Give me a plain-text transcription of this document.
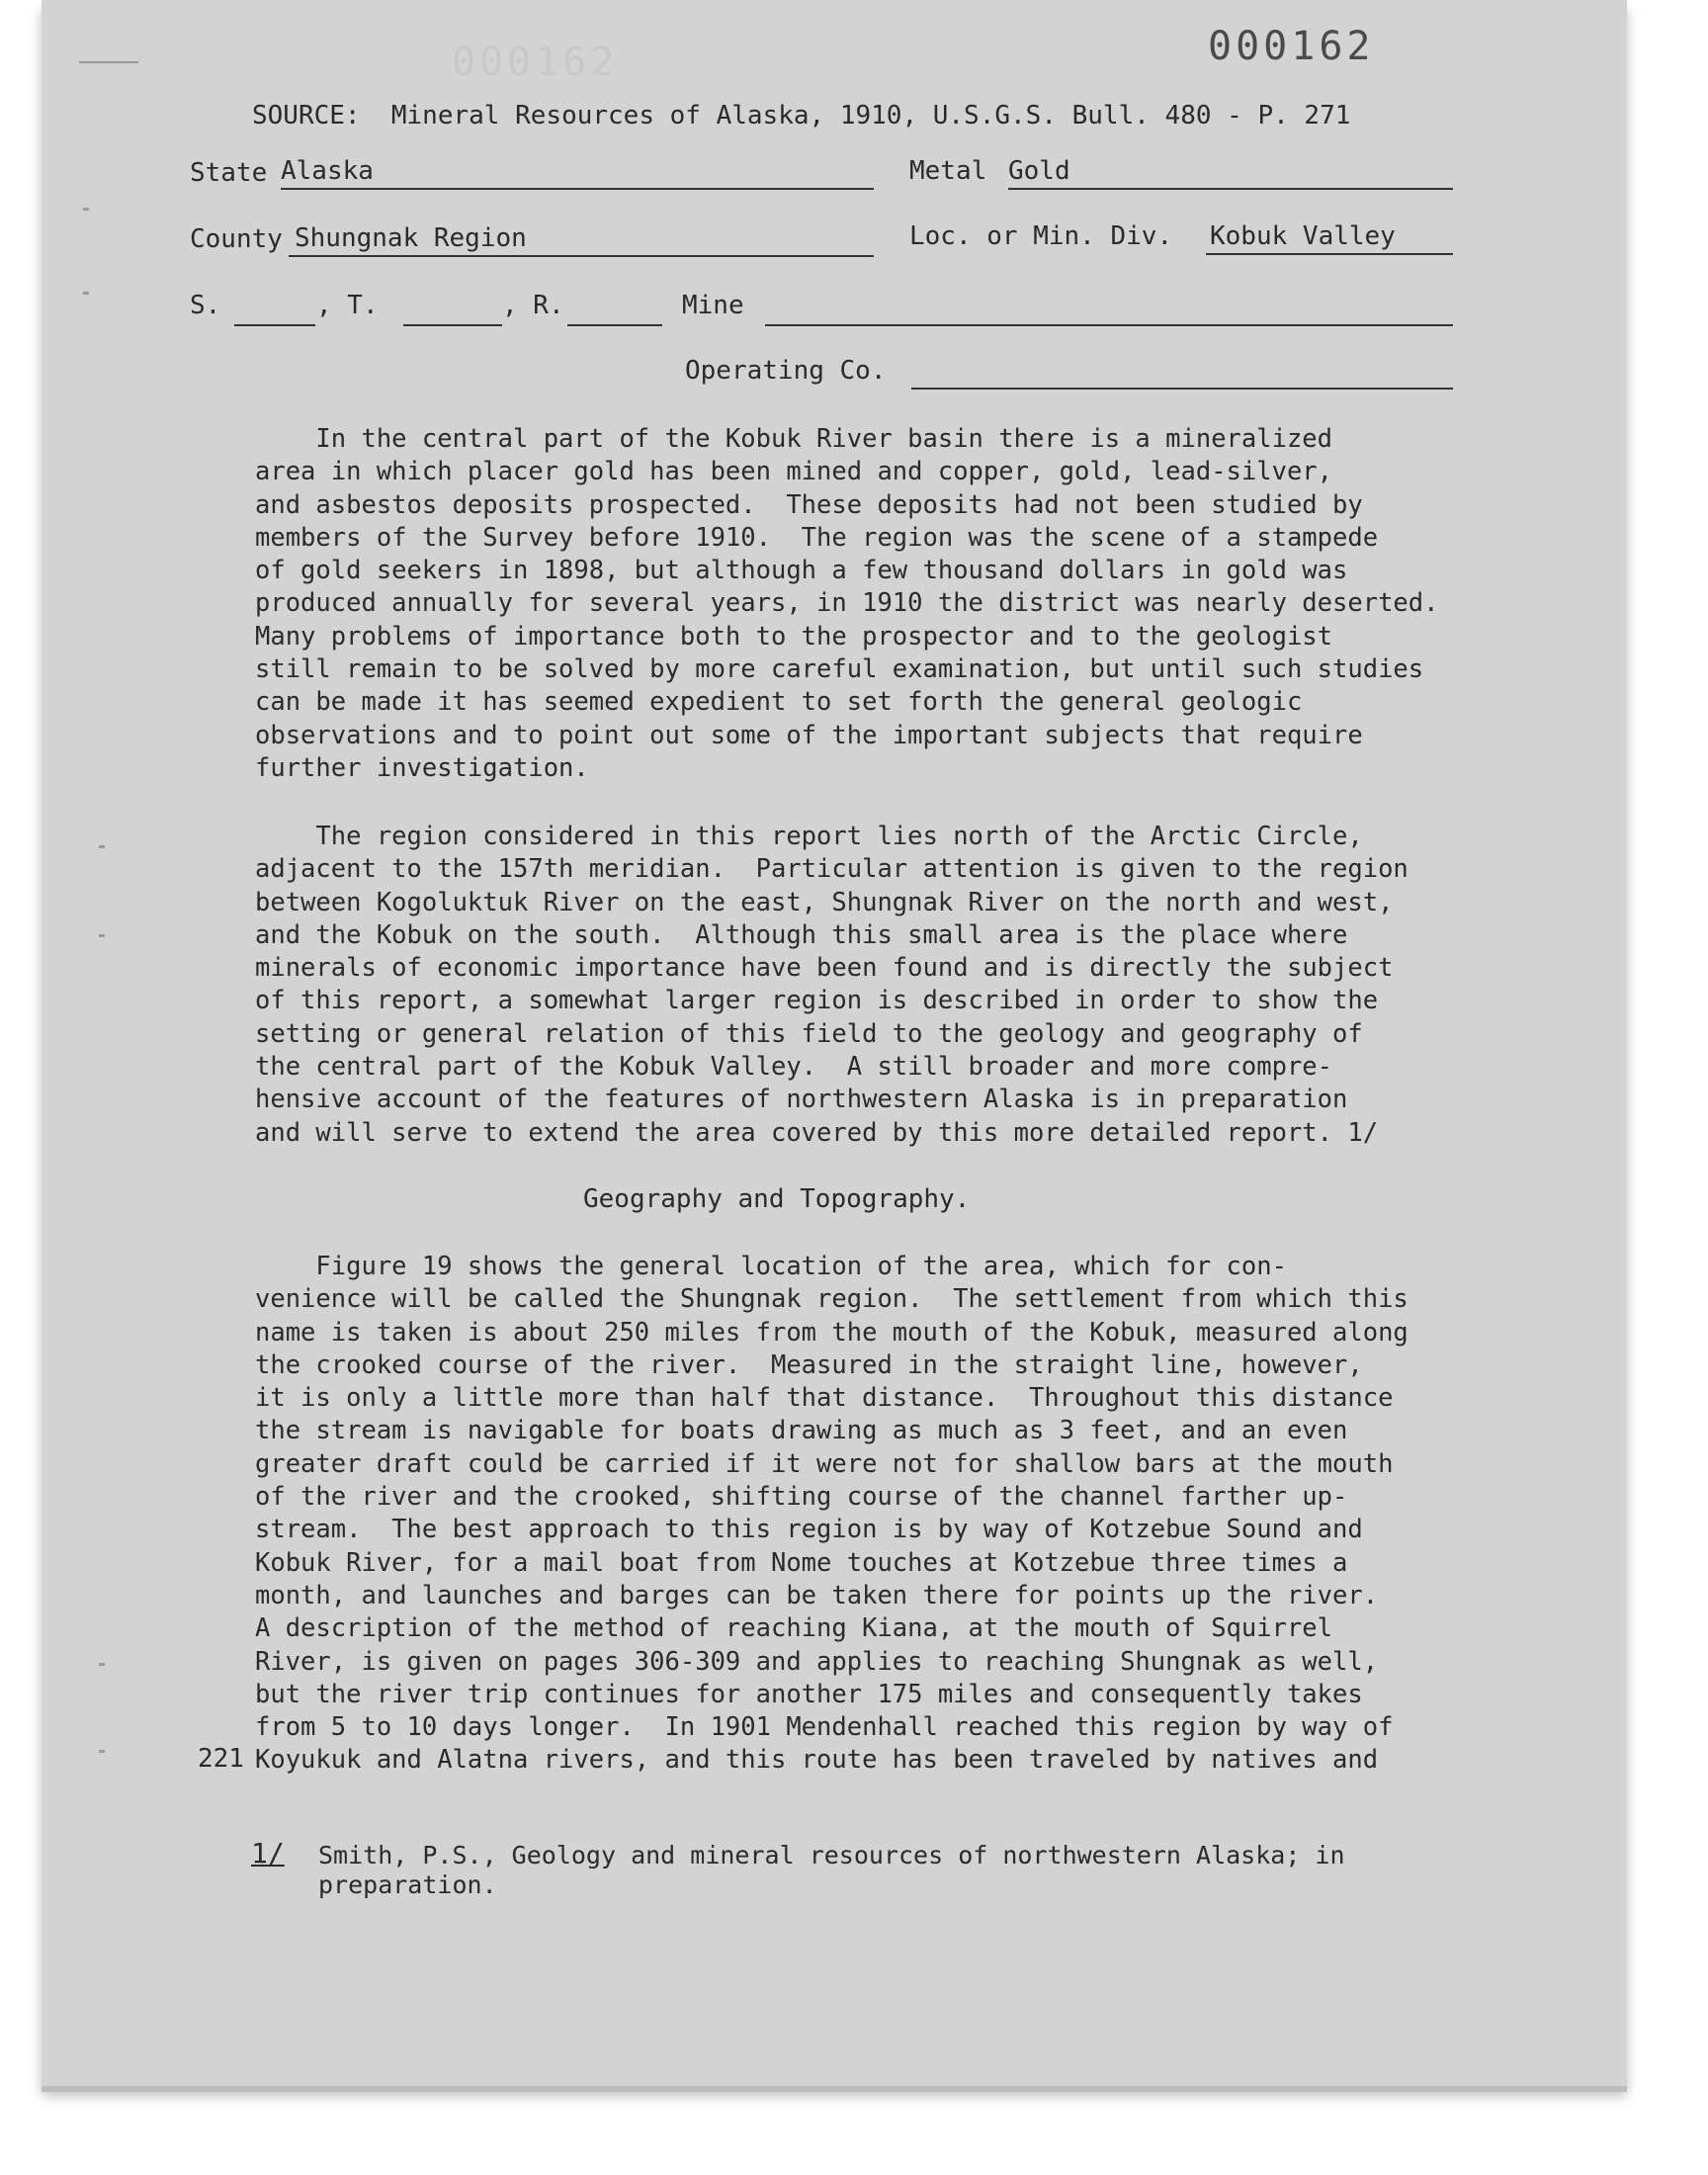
000162	000162
SOURCE:  Mineral Resources of Alaska, 1910, U.S.G.S. Bull. 480 - P. 271
State Alaska	Metal Gold
County Shungnak Region	Loc. or Min. Div. Kobuk Valley
S.	, T.	, R.	Mine
Operating Co.
In the central part of the Kobuk River basin there is a mineralized
area in which placer gold has been mined and copper, gold, lead-silver,
and asbestos deposits prospected.  These deposits had not been studied by
members of the Survey before 1910.  The region was the scene of a stampede
of gold seekers in 1898, but although a few thousand dollars in gold was
produced annually for several years, in 1910 the district was nearly deserted.
Many problems of importance both to the prospector and to the geologist
still remain to be solved by more careful examination, but until such studies
can be made it has seemed expedient to set forth the general geologic
observations and to point out some of the important subjects that require
further investigation.
The region considered in this report lies north of the Arctic Circle,
adjacent to the 157th meridian.  Particular attention is given to the region
between Kogoluktuk River on the east, Shungnak River on the north and west,
and the Kobuk on the south.  Although this small area is the place where
minerals of economic importance have been found and is directly the subject
of this report, a somewhat larger region is described in order to show the
setting or general relation of this field to the geology and geography of
the central part of the Kobuk Valley.  A still broader and more compre-
hensive account of the features of northwestern Alaska is in preparation
and will serve to extend the area covered by this more detailed report. 1/
Geography and Topography.
Figure 19 shows the general location of the area, which for con-
venience will be called the Shungnak region.  The settlement from which this
name is taken is about 250 miles from the mouth of the Kobuk, measured along
the crooked course of the river.  Measured in the straight line, however,
it is only a little more than half that distance.  Throughout this distance
the stream is navigable for boats drawing as much as 3 feet, and an even
greater draft could be carried if it were not for shallow bars at the mouth
of the river and the crooked, shifting course of the channel farther up-
stream.  The best approach to this region is by way of Kotzebue Sound and
Kobuk River, for a mail boat from Nome touches at Kotzebue three times a
month, and launches and barges can be taken there for points up the river.
A description of the method of reaching Kiana, at the mouth of Squirrel
River, is given on pages 306-309 and applies to reaching Shungnak as well,
but the river trip continues for another 175 miles and consequently takes
from 5 to 10 days longer.  In 1901 Mendenhall reached this region by way of
Koyukuk and Alatna rivers, and this route has been traveled by natives and
221
1/ Smith, P.S., Geology and mineral resources of northwestern Alaska; in
preparation.
